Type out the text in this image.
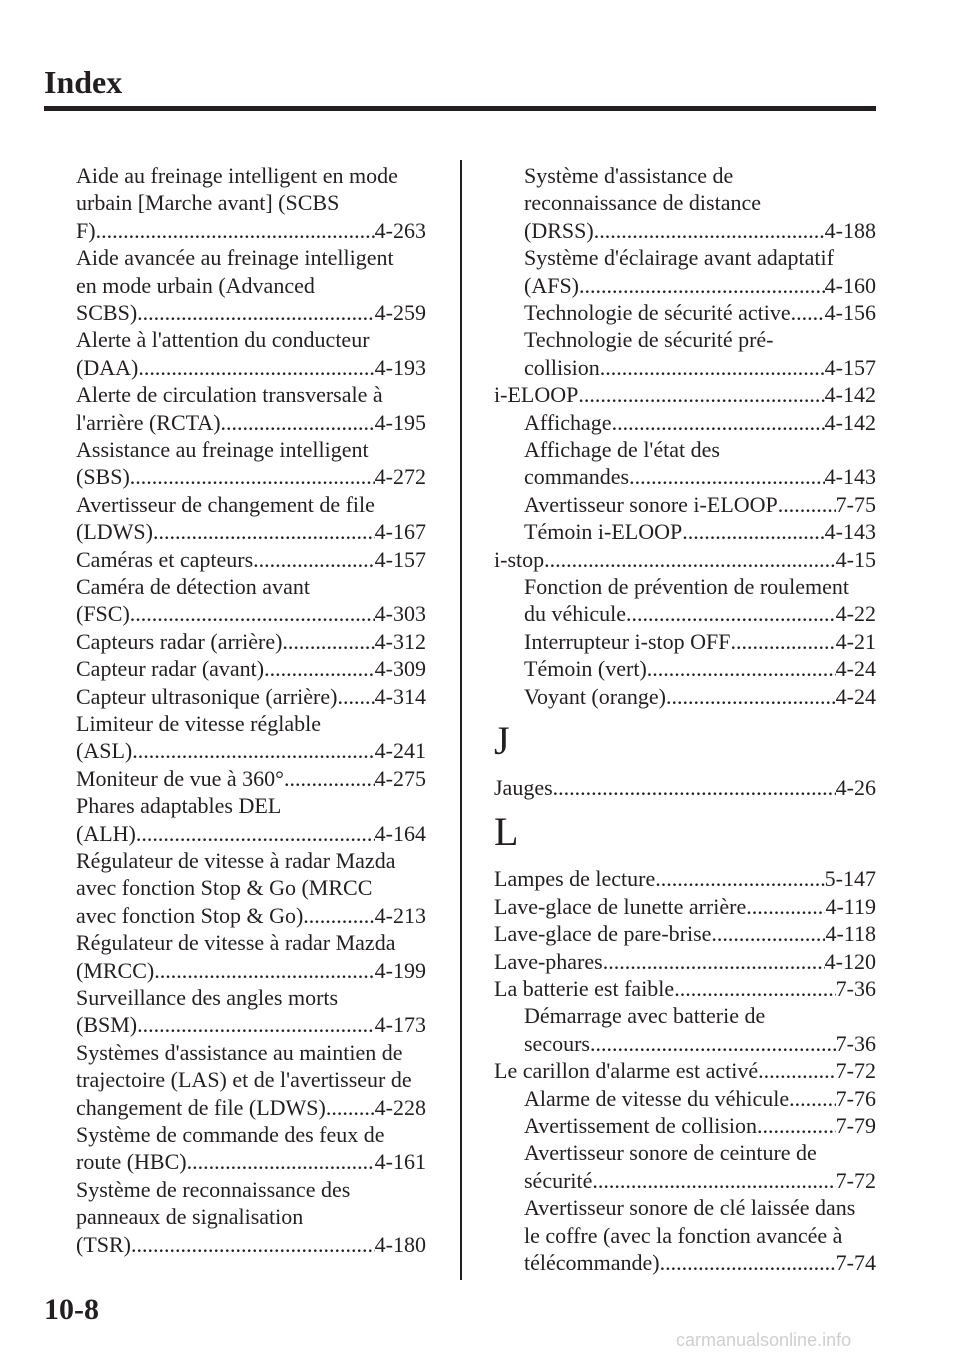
Index
Aide au freinage intelligent en mode
urbain [Marche avant] (SCBS
F) .....	4-263
Aide avancée au freinage intelligent
en mode urbain (Advanced
SCBS) .....	4-259
Alerte à l'attention du conducteur
(DAA) .....	4-193
Alerte de circulation transversale à
l'arrière (RCTA) .....	4-195
Assistance au freinage intelligent
(SBS) .....	4-272
Avertisseur de changement de file
(LDWS) .....	4-167
Caméras et capteurs .....	4-157
Caméra de détection avant
(FSC) .....	4-303
Capteurs radar (arrière) .....	4-312
Capteur radar (avant) .....	4-309
Capteur ultrasonique (arrière) ..... 4-314
Limiteur de vitesse réglable
(ASL) .....	4-241
Moniteur de vue à 360° .....	4-275
Phares adaptables DEL
(ALH) .....	4-164
Régulateur de vitesse à radar Mazda
avec fonction Stop & Go (MRCC
avec fonction Stop & Go) .....	4-213
Régulateur de vitesse à radar Mazda
(MRCC) .....	4-199
Surveillance des angles morts
(BSM) .....	4-173
Systèmes d'assistance au maintien de
trajectoire (LAS) et de l'avertisseur de
changement de file (LDWS) ..... 4-228
Système de commande des feux de
route (HBC) .....	4-161
Système de reconnaissance des
panneaux de signalisation
(TSR) .....	4-180
Système d'assistance de
reconnaissance de distance
(DRSS) .....	4-188
Système d'éclairage avant adaptatif
(AFS) .....	4-160
Technologie de sécurité active ..... 4-156
Technologie de sécurité pré-
collision .....	4-157
i-ELOOP .....	4-142
Affichage .....	4-142
Affichage de l'état des
commandes .....	4-143
Avertisseur sonore i-ELOOP .....	7-75
Témoin i-ELOOP .....	4-143
i-stop .....	4-15
Fonction de prévention de roulement
du véhicule .....	4-22
Interrupteur i-stop OFF .....	4-21
Témoin (vert) .....	4-24
Voyant (orange) .....	4-24
J
Jauges .....	4-26
L
Lampes de lecture .....	5-147
Lave-glace de lunette arrière .....	4-119
Lave-glace de pare-brise .....	4-118
Lave-phares .....	4-120
La batterie est faible .....	7-36
Démarrage avec batterie de
secours .....	7-36
Le carillon d'alarme est activé .....	7-72
Alarme de vitesse du véhicule ..... 7-76
Avertissement de collision .....	7-79
Avertisseur sonore de ceinture de
sécurité .....	7-72
Avertisseur sonore de clé laissée dans
le coffre (avec la fonction avancée à
télécommande) .....	7-74
10-8
carmanualsonline.info
